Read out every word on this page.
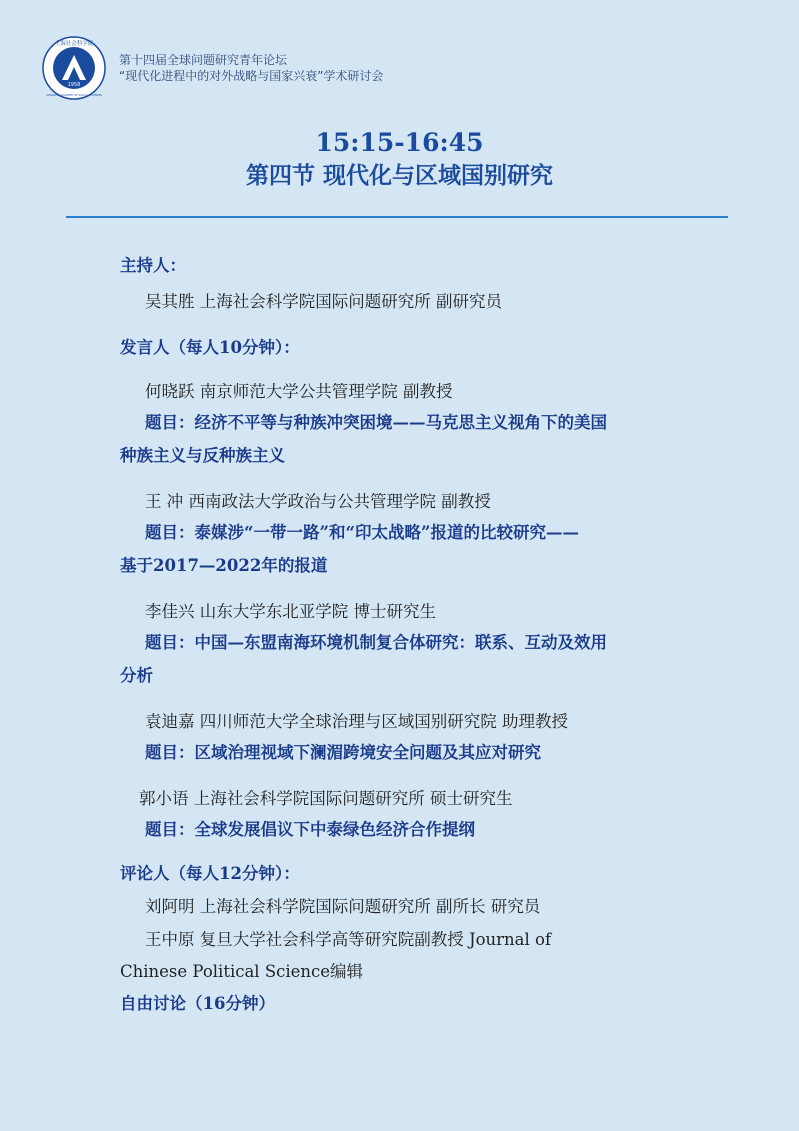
1958
上海社会科学院
SHANGHAI ACADEMY OF SOCIAL SCIENCES
第十四届全球问题研究青年论坛
“现代化进程中的对外战略与国家兴衰”学术研讨会
15:15-16:45
第四节 现代化与区域国别研究
主持人：
吴其胜 上海社会科学院国际问题研究所 副研究员
发言人（每人10分钟）：
何晓跃 南京师范大学公共管理学院 副教授
题目：经济不平等与种族冲突困境——马克思主义视角下的美国
种族主义与反种族主义
王 冲 西南政法大学政治与公共管理学院 副教授
题目：泰媒涉“一带一路”和“印太战略”报道的比较研究——
基于2017—2022年的报道
李佳兴 山东大学东北亚学院 博士研究生
题目：中国—东盟南海环境机制复合体研究：联系、互动及效用
分析
袁迪嘉 四川师范大学全球治理与区域国别研究院 助理教授
题目：区域治理视域下澜湄跨境安全问题及其应对研究
郭小语 上海社会科学院国际问题研究所 硕士研究生
题目：全球发展倡议下中泰绿色经济合作提纲
评论人（每人12分钟）：
刘阿明 上海社会科学院国际问题研究所 副所长 研究员
王中原 复旦大学社会科学高等研究院副教授 Journal of
Chinese Political Science编辑
自由讨论（16分钟）
